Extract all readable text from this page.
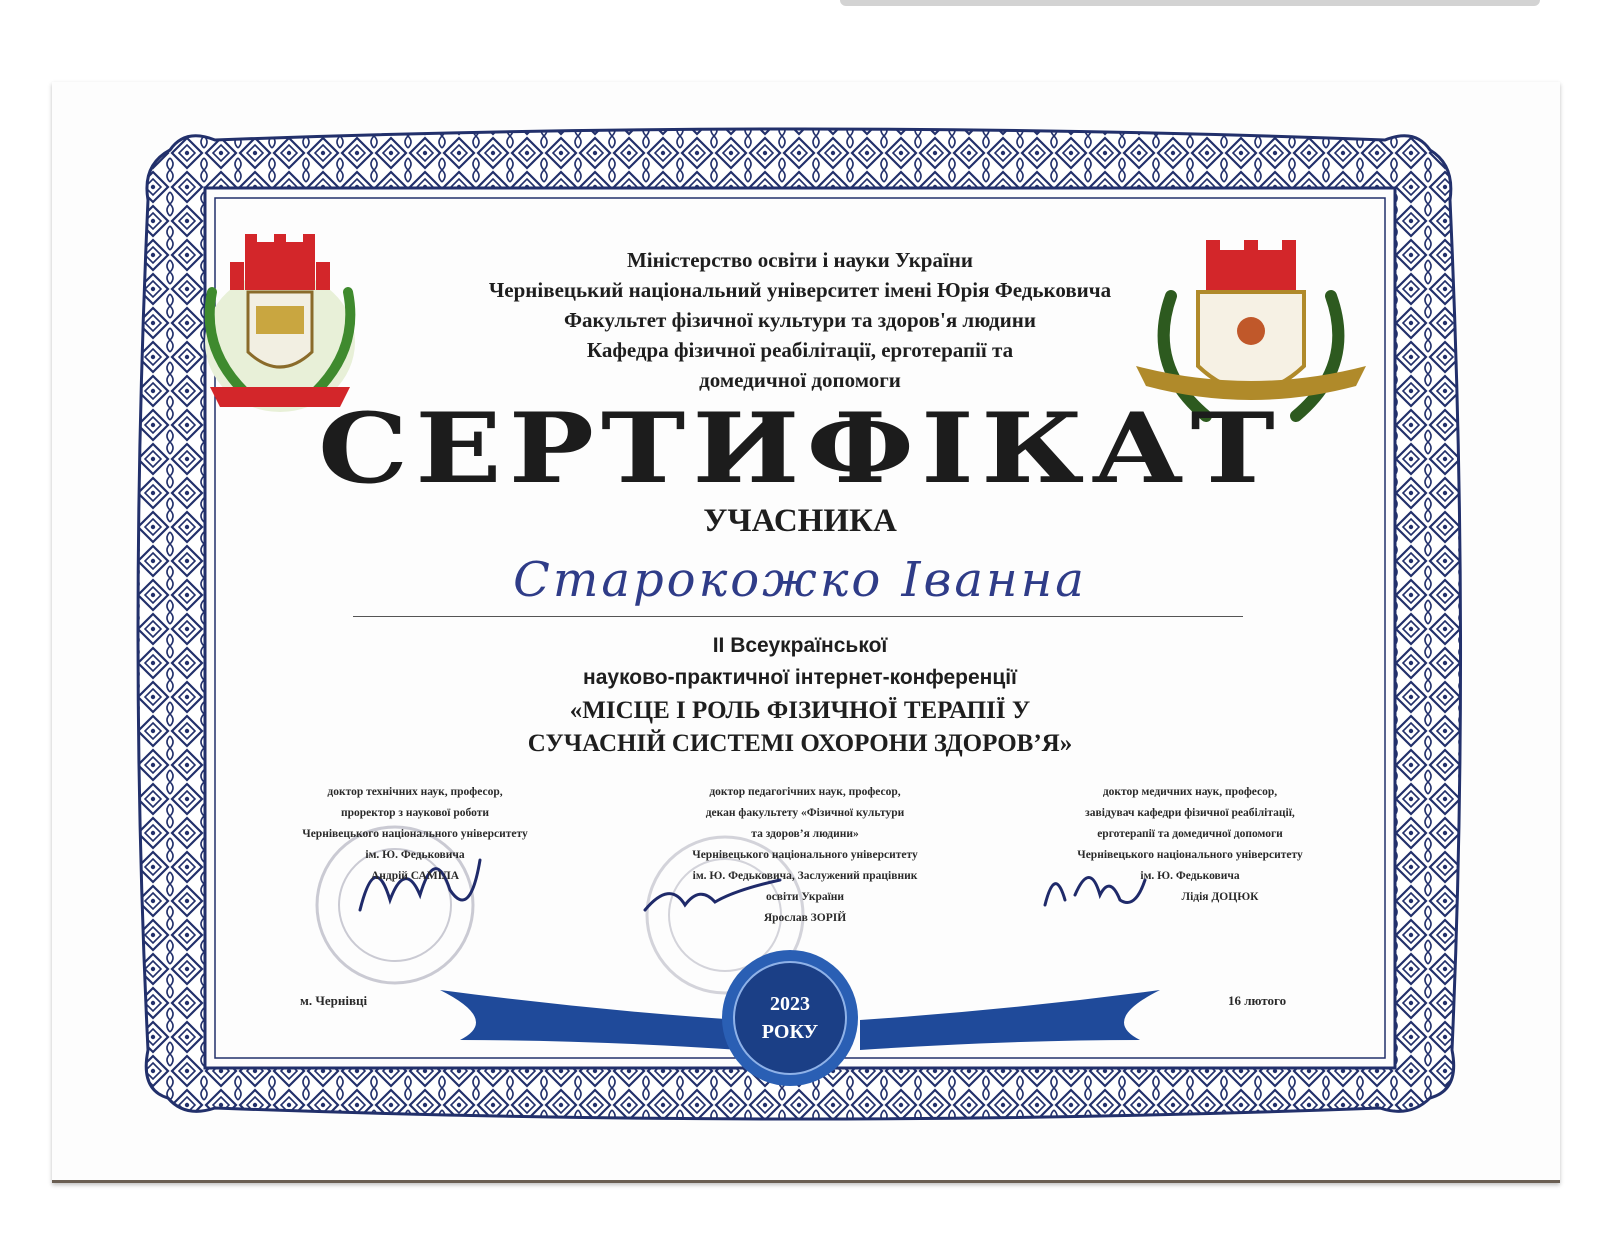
Міністерство освіти і науки України
Чернівецький національний університет імені Юрія Федьковича
Факультет фізичної культури та здоров'я людини
Кафедра фізичної реабілітації, ерготерапії та
домедичної допомоги
СЕРТИФІКАТ
УЧАСНИКА
Старокожко Іванна
ІІ Всеукраїнської
науково-практичної інтернет-конференції
«МІСЦЕ І РОЛЬ ФІЗИЧНОЇ ТЕРАПІЇ У
СУЧАСНІЙ СИСТЕМІ ОХОРОНИ ЗДОРОВ’Я»
доктор технічних наук, професор,
проректор з наукової роботи
Чернівецького національного університету
ім. Ю. Федьковича
Андрій САМІЛА
доктор педагогічних наук, професор,
декан факультету «Фізичної культури
та здоров’я людини»
Чернівецького національного університету
ім. Ю. Федьковича, Заслужений працівник
освіти України
Ярослав ЗОРІЙ
доктор медичних наук, професор,
завідувач кафедри фізичної реабілітації,
ерготерапії та домедичної допомоги
Чернівецького національного університету
ім. Ю. Федьковича
Лідія ДОЦЮК
2023
РОКУ
м. Чернівці	16 лютого
